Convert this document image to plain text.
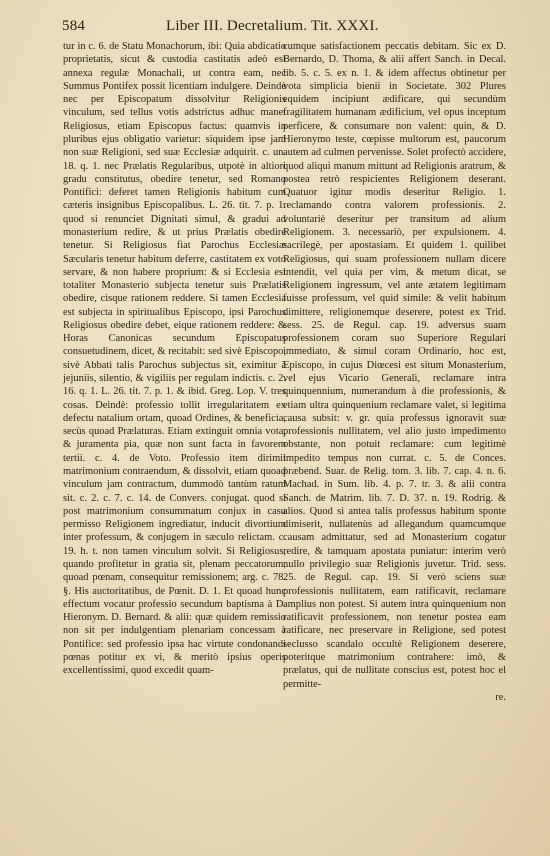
584	Liber III. Decretalium. Tit. XXXI.

tur in c. 6. de Statu Monachorum, ibi: Quia abdicatio proprietatis, sicut & custodia castitatis adeò est annexa regulæ Monachali, ut contra eam, nec Summus Pontifex possit licentiam indulgere. Deindè nec per Episcopatum dissolvitur Religionis vinculum, sed tellus votis adstrictus adhuc manet Religiosus, etiam Episcopus factus: quamvis in pluribus ejus obligatio varietur: siquidem ipse jam non suæ Religioni, sed suæ Ecclesiæ adquirit. c. un. 18. q. 1. nec Prælatis Regularibus, utpotè in altiori gradu constitutus, obedire tenetur, sed Romano Pontifici: deferet tamen Religionis habitum cum cæteris insignibus Episcopalibus. L. 26. tit. 7. p. 1. quod si renunciet Dignitati simul, & gradui ad monasterium redire, & ut prius Prælatis obedire tenetur. Si Religiosus fiat Parochus Ecclesiæ Sæcularis tenetur habitum deferre, castitatem ex voto servare, & non habere proprium: & si Ecclesia est totaliter Monasterio subjecta tenetur suis Prælatis obedire, cisque rationem reddere. Si tamen Ecclesia est subjecta in spiritualibus Episcopo, ipsi Parochus Religiosus obedire debet, eique rationem reddere: & Horas Canonicas secundum Episcopatus consuetudinem, dicet, & recitabit: sed sivè Episcopo, sivè Abbati talis Parochus subjectus sit, eximitur à jejuniis, silentio, & vigiliis per regulam indictis. c. 2. 16. q. 1. L. 26. tit. 7. p. 1. & ibid. Greg. Lop. V. tres cosas. Deindè: professio tollit irregularitatem ex defectu natalium ortam, quoad Ordines, & beneficia, secùs quoad Prælaturas. Etiam extinguit omnia vota, & juramenta pia, quæ non sunt facta in favorem tertii. c. 4. de Voto. Professio item dirimit matrimonium contraendum, & dissolvit, etiam quoad vinculum jam contractum, dummodò tantùm ratum sit. c. 2. c. 7. c. 14. de Convers. conjugat. quod si post matrimonium consummatum conjux in casu permisso Religionem ingrediatur, inducit divortium inter professum, & conjugem in sæculo relictam. c. 19. h. t. non tamen vinculum solvit. Si Religiosus, quando profitetur in gratia sit, plenam peccatorum, quoad pœnam, consequitur remissionem; arg. c. 78. §. His auctoritatibus, de Pœnit. D. 1. Et quoad hunc effectum vocatur professio secundum baptisma à D. Hieronym. D. Bernard. & alii: quæ quidem remissio non sit per indulgentiam plenariam concessam à Pontifice: sed professio ipsa hac virtute condonandi pœnas potitur ex vi, & meritò ipsius operis excellentissimi, quod excedit quam-

cumque satisfactionem peccatis debitam. Sic ex D. Bernardo, D. Thoma, & alii affert Sanch. in Decal. lib. 5. c. 5. ex n. 1. & idem affectus obtinetur per vota simplicia bienii in Societate. 302 Plures equidem incipiunt ædificare, qui secundùm fragilitatem humanam ædificium, vel opus inceptum perficere, & consumare non valent: quin, & D. Hieronymo teste, cœpisse multorum est, paucorum autem ad culmen pervenisse. Solet profectò accidere, quod aliqui manum mittunt ad Religionis aratrum, & postea retrò respicientes Religionem deserant. Quatuor igitur modis deseritur Religio. 1. reclamando contra valorem professionis. 2. voluntariè deseritur per transitum ad alium Religionem. 3. necessariò, per expulsionem. 4. sacrilegè, per apostasiam. Et quidem 1. quilibet Religiosus, qui suam professionem nullam dicere intendit, vel quia per vim, & metum dicat, se Religionem ingressum, vel ante ætatem legitimam fuisse professum, vel quid simile: & velit habitum dimittere, religionemque deserere, potest ex Trid. sess. 25. de Regul. cap. 19. adversus suam professionem coram suo Superiore Regulari immediato, & simul coram Ordinario, hoc est, Episcopo, in cujus Diœcesi est situm Monasterium, vel ejus Vicario Generali, reclamare intra quinquennium, numerandum à die professionis, & etiam ultra quinquenium reclamare valet, si legitima causa subsit: v. gr. quia professus ignoravit suæ professionis nullitatem, vel alio justo impedimento obstante, non potuit reclamare: cum legitimè impedito tempus non currat. c. 5. de Conces. præbend. Suar. de Relig. tom. 3. lib. 7. cap. 4. n. 6. Machad. in Sum. lib. 4. p. 7. tr. 3. & alii contra Sanch. de Matrim. lib. 7. D. 37. n. 19. Rodrig. & alios. Quod si antea talis professus habitum sponte dimiserit, nullatenùs ad allegandum quamcumque causam admittatur, sed ad Monasterium cogatur redire, & tamquam apostata puniatur: interim verò nullo privilegio suæ Religionis juvetur. Trid. sess. 25. de Regul. cap. 19. Si verò sciens suæ professionis nullitatem, eam ratificavit, reclamare amplius non potest. Si autem intra quinquenium non ratificavit professionem, non tenetur postea eam ratificare, nec preservare in Religione, sed potest seclusso scandalo occultè Religionem deserere, poteritque matrimonium contrahere: imò, & prælatus, qui de nullitate conscius est, potest hoc el permitte-

re.
